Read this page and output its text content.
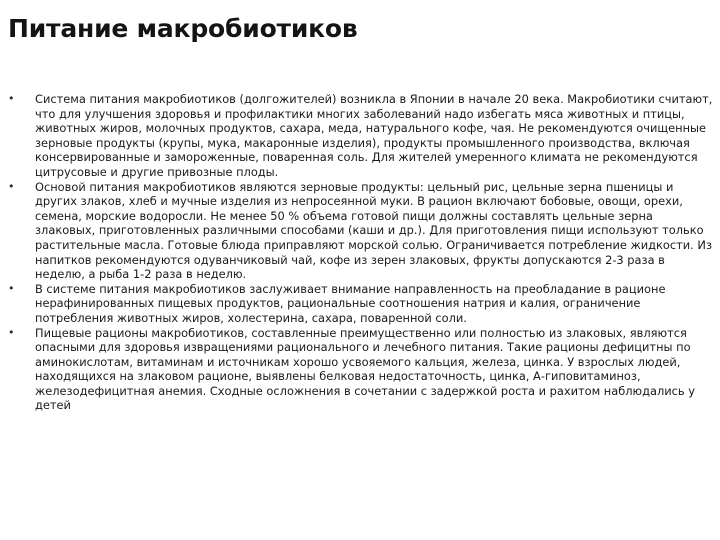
Питание макробиотиков
•	Система питания макробиотиков (долгожителей) возникла в Японии в начале 20 века. Макробиотики считают, что для улучшения здоровья и профилактики многих заболеваний надо избегать мяса животных и птицы, животных жиров, молочных продуктов, сахара, меда, натурального кофе, чая. Не рекомендуются очищенные зерновые продукты (крупы, мука, макаронные изделия), продукты промышленного производства, включая консервированные и замороженные, поваренная соль. Для жителей умеренного климата не рекомендуются цитрусовые и другие привозные плоды.
•	Основой питания макробиотиков являются зерновые продукты: цельный рис, цельные зерна пшеницы и других злаков, хлеб и мучные изделия из непросеянной муки. В рацион включают бобовые, овощи, орехи, семена, морские водоросли. Не менее 50 % объема готовой пищи должны составлять цельные зерна злаковых, приготовленных различными способами (каши и др.). Для приготовления пищи используют только растительные масла. Готовые блюда приправляют морской солью. Ограничивается потребление жидкости. Из напитков рекомендуются одуванчиковый чай, кофе из зерен злаковых, фрукты допускаются 2-3 раза в неделю, а рыба 1-2 раза в неделю.
•	В системе питания макробиотиков заслуживает внимание направленность на преобладание в рационе нерафинированных пищевых продуктов, рациональные соотношения натрия и калия, ограничение потребления животных жиров, холестерина, сахара, поваренной соли.
•	Пищевые рационы макробиотиков, составленные преимущественно или полностью из злаковых, являются опасными для здоровья извращениями рационального и лечебного питания. Такие рационы дефицитны по аминокислотам, витаминам и источникам хорошо усвояемого кальция, железа, цинка. У взрослых людей, находящихся на злаковом рационе, выявлены белковая недостаточность, цинка, А-гиповитаминоз, железодефицитная анемия. Сходные осложнения в сочетании с задержкой роста и рахитом наблюдались у детей
